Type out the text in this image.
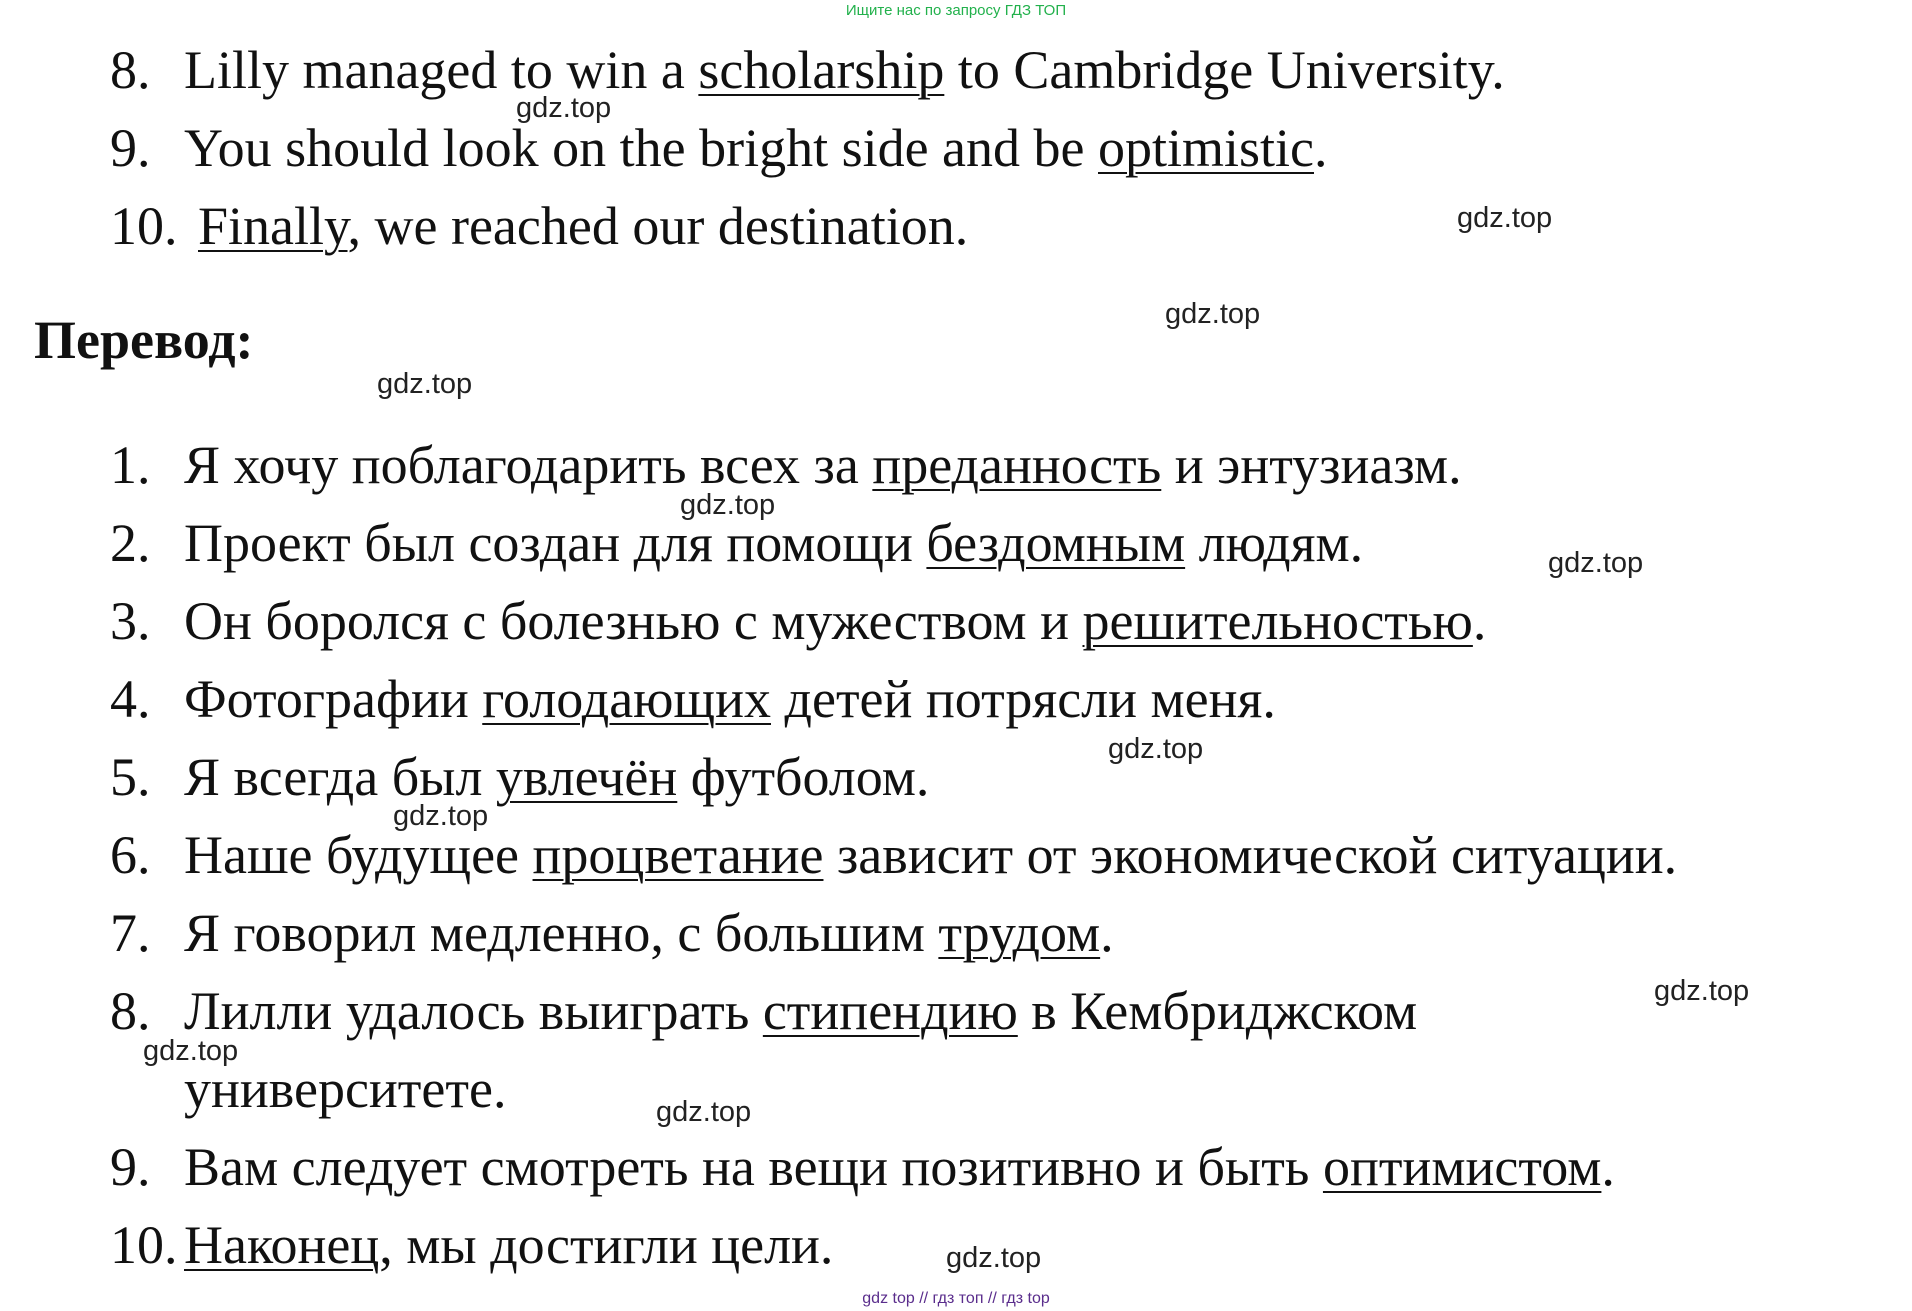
Ищите нас по запросу ГДЗ ТОП
8. Lilly managed to win a scholarship to Cambridge University.
9. You should look on the bright side and be optimistic.
10. Finally, we reached our destination.
Перевод:
1. Я хочу поблагодарить всех за преданность и энтузиазм.
2. Проект был создан для помощи бездомным людям.
3. Он боролся с болезнью с мужеством и решительностью.
4. Фотографии голодающих детей потрясли меня.
5. Я всегда был увлечён футболом.
6. Наше будущее процветание зависит от экономической ситуации.
7. Я говорил медленно, с большим трудом.
8. Лилли удалось выиграть стипендию в Кембриджском
университете.
9. Вам следует смотреть на вещи позитивно и быть оптимистом.
10. Наконец, мы достигли цели.
gdz.top
gdz.top
gdz.top
gdz.top
gdz.top
gdz.top
gdz.top
gdz.top
gdz.top
gdz.top
gdz.top
gdz.top
gdz top // гдз топ // гдз top
